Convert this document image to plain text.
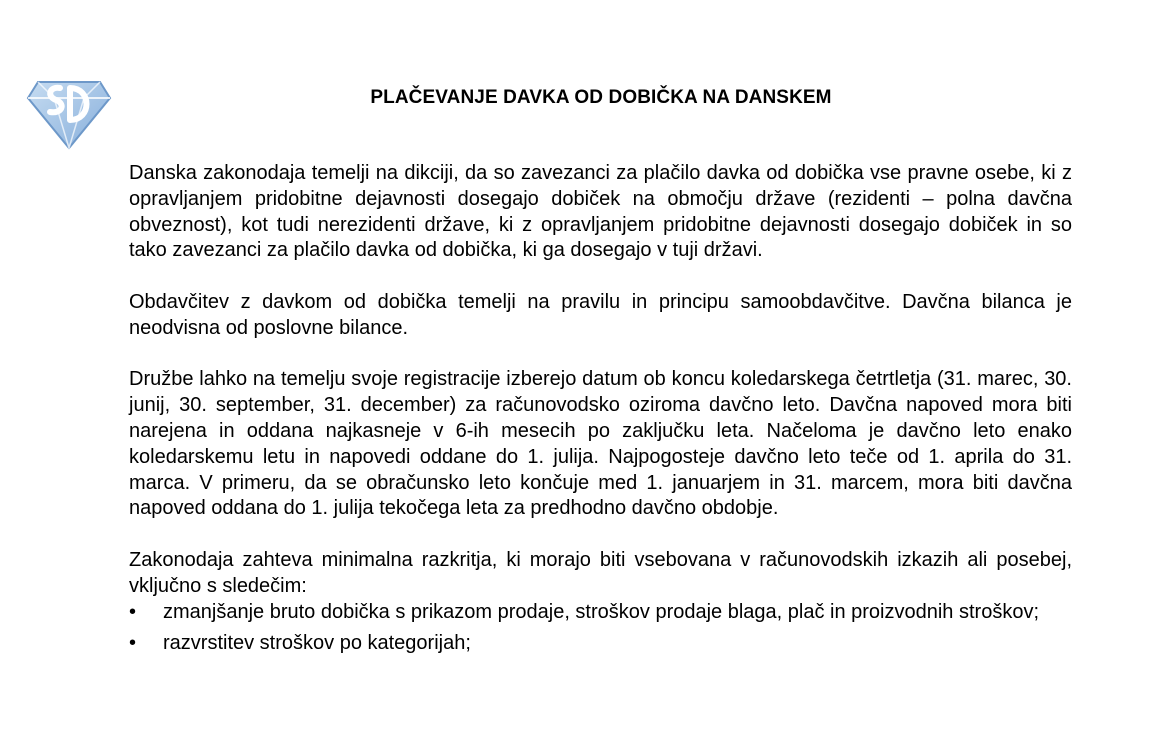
PLAČEVANJE DAVKA OD DOBIČKA NA DANSKEM

Danska zakonodaja temelji na dikciji, da so zavezanci za plačilo davka od dobička vse pravne osebe, ki z opravljanjem pridobitne dejavnosti dosegajo dobiček na območju države (rezidenti – polna davčna obveznost), kot tudi nerezidenti države, ki z opravljanjem pridobitne dejavnosti dosegajo dobiček in so tako zavezanci za plačilo davka od dobička, ki ga dosegajo v tuji državi.

Obdavčitev z davkom od dobička temelji na pravilu in principu samoobdavčitve. Davčna bilanca je neodvisna od poslovne bilance.

Družbe lahko na temelju svoje registracije izberejo datum ob koncu koledarskega četrtletja (31. marec, 30. junij, 30. september, 31. december) za računovodsko oziroma davčno leto. Davčna napoved mora biti narejena in oddana najkasneje v 6-ih mesecih po zaključku leta. Načeloma je davčno leto enako koledarskemu letu in napovedi oddane do 1. julija. Najpogosteje davčno leto teče od 1. aprila do 31. marca. V primeru, da se obračunsko leto končuje med 1. januarjem in 31. marcem, mora biti davčna napoved oddana do 1. julija tekočega leta za predhodno davčno obdobje.

Zakonodaja zahteva minimalna razkritja, ki morajo biti vsebovana v računovodskih izkazih ali posebej, vključno s sledečim:

•	zmanjšanje bruto dobička s prikazom prodaje, stroškov prodaje blaga, plač in proizvodnih stroškov;
•	razvrstitev stroškov po kategorijah;
